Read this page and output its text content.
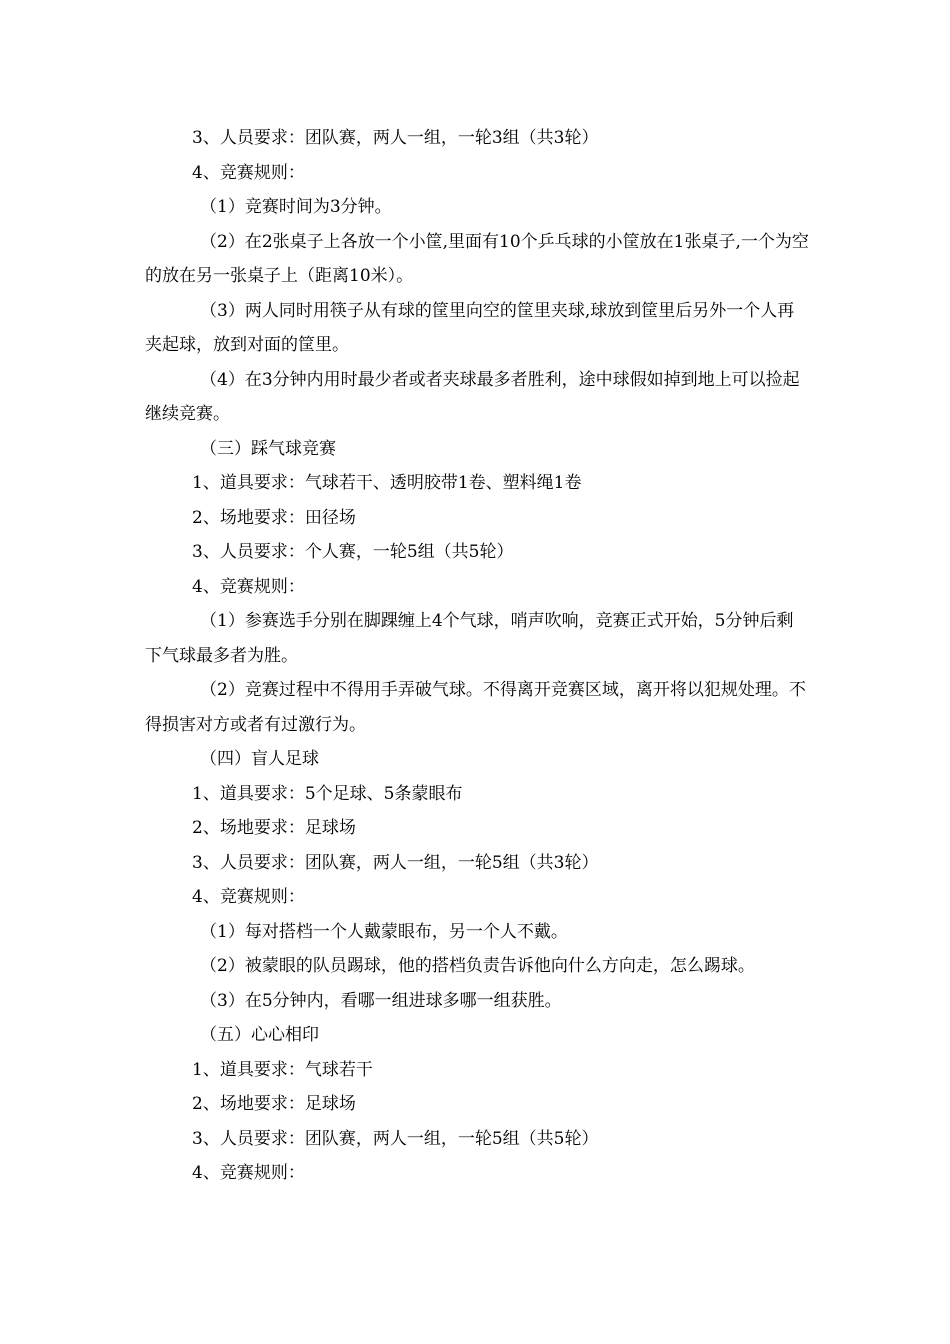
3、人员要求：团队赛，两人一组，一轮3组（共3轮）

4、竞赛规则：

（1）竞赛时间为3分钟。

（2）在2张桌子上各放一个小筐,里面有10个乒乓球的小筐放在1张桌子,一个为空的放在另一张桌子上（距离10米）。

（3）两人同时用筷子从有球的筐里向空的筐里夹球,球放到筐里后另外一个人再夹起球，放到对面的筐里。

（4）在3分钟内用时最少者或者夹球最多者胜利，途中球假如掉到地上可以捡起继续竞赛。

（三）踩气球竞赛

1、道具要求：气球若干、透明胶带1卷、塑料绳1卷

2、场地要求：田径场

3、人员要求：个人赛，一轮5组（共5轮）

4、竞赛规则：

（1）参赛选手分别在脚踝缠上4个气球，哨声吹响，竞赛正式开始，5分钟后剩下气球最多者为胜。

（2）竞赛过程中不得用手弄破气球。不得离开竞赛区域，离开将以犯规处理。不得损害对方或者有过激行为。

（四）盲人足球

1、道具要求：5个足球、5条蒙眼布

2、场地要求：足球场

3、人员要求：团队赛，两人一组，一轮5组（共3轮）

4、竞赛规则：

（1）每对搭档一个人戴蒙眼布，另一个人不戴。

（2）被蒙眼的队员踢球，他的搭档负责告诉他向什么方向走，怎么踢球。

（3）在5分钟内，看哪一组进球多哪一组获胜。

（五）心心相印

1、道具要求：气球若干

2、场地要求：足球场

3、人员要求：团队赛，两人一组，一轮5组（共5轮）

4、竞赛规则：
